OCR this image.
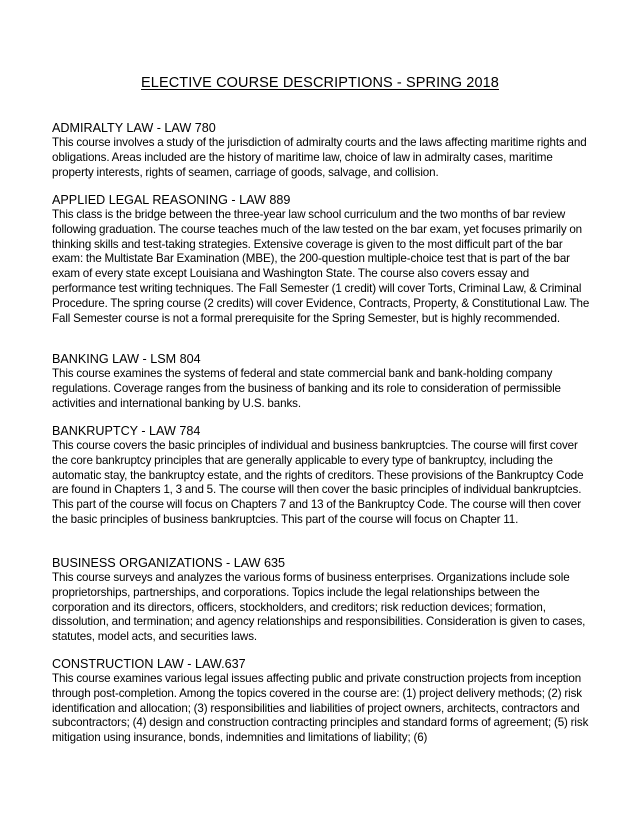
ELECTIVE COURSE DESCRIPTIONS - SPRING 2018

ADMIRALTY LAW - LAW 780

This course involves a study of the jurisdiction of admiralty courts and the laws affecting maritime rights and obligations. Areas included are the history of maritime law, choice of law in admiralty cases, maritime property interests, rights of seamen, carriage of goods, salvage, and collision.

APPLIED LEGAL REASONING - LAW 889

This class is the bridge between the three-year law school curriculum and the two months of bar review following graduation. The course teaches much of the law tested on the bar exam, yet focuses primarily on thinking skills and test-taking strategies. Extensive coverage is given to the most difficult part of the bar exam: the Multistate Bar Examination (MBE), the 200-question multiple-choice test that is part of the bar exam of every state except Louisiana and Washington State. The course also covers essay and performance test writing techniques. The Fall Semester (1 credit) will cover Torts, Criminal Law, & Criminal Procedure. The spring course (2 credits) will cover Evidence, Contracts, Property, & Constitutional Law. The Fall Semester course is not a formal prerequisite for the Spring Semester, but is highly recommended.

BANKING LAW - LSM 804

This course examines the systems of federal and state commercial bank and bank-holding company regulations. Coverage ranges from the business of banking and its role to consideration of permissible activities and international banking by U.S. banks.

BANKRUPTCY - LAW 784

This course covers the basic principles of individual and business bankruptcies. The course will first cover the core bankruptcy principles that are generally applicable to every type of bankruptcy, including the automatic stay, the bankruptcy estate, and the rights of creditors. These provisions of the Bankruptcy Code are found in Chapters 1, 3 and 5. The course will then cover the basic principles of individual bankruptcies. This part of the course will focus on Chapters 7 and 13 of the Bankruptcy Code. The course will then cover the basic principles of business bankruptcies. This part of the course will focus on Chapter 11.

BUSINESS ORGANIZATIONS - LAW 635

This course surveys and analyzes the various forms of business enterprises. Organizations include sole proprietorships, partnerships, and corporations. Topics include the legal relationships between the corporation and its directors, officers, stockholders, and creditors; risk reduction devices; formation, dissolution, and termination; and agency relationships and responsibilities. Consideration is given to cases, statutes, model acts, and securities laws.

CONSTRUCTION LAW - LAW.637

This course examines various legal issues affecting public and private construction projects from inception through post-completion. Among the topics covered in the course are: (1) project delivery methods; (2) risk identification and allocation; (3) responsibilities and liabilities of project owners, architects, contractors and subcontractors; (4) design and construction contracting principles and standard forms of agreement; (5) risk mitigation using insurance, bonds, indemnities and limitations of liability; (6)
